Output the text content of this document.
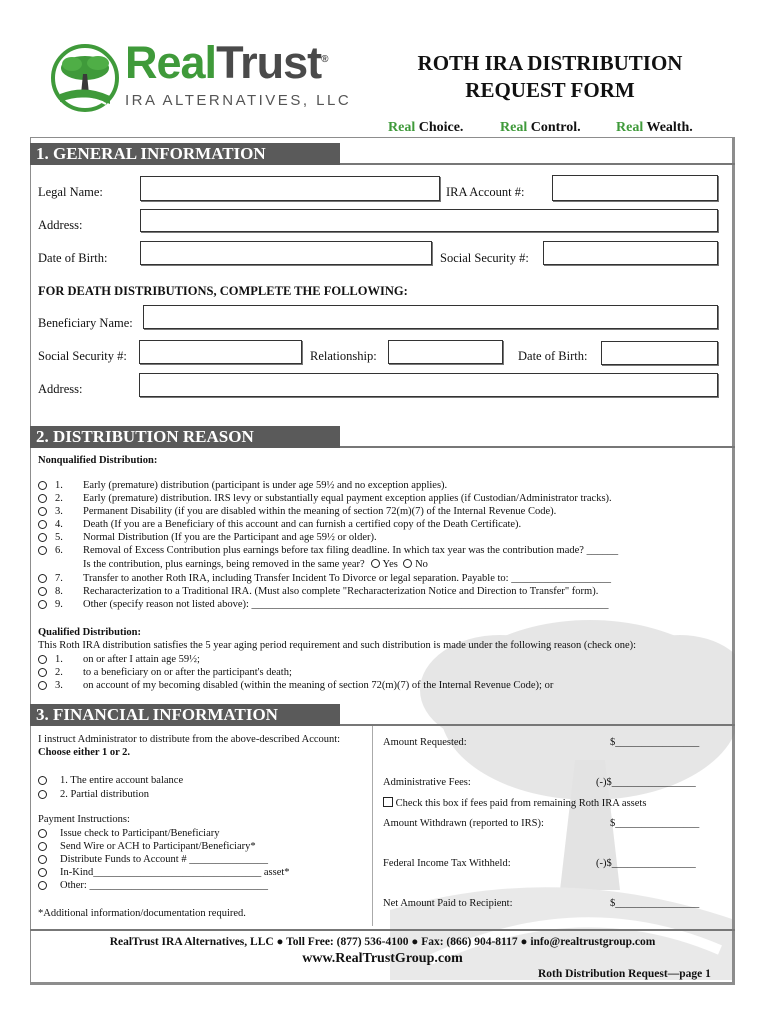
RealTrust®
IRA ALTERNATIVES, LLC
ROTH IRA DISTRIBUTION
REQUEST FORM
Real Choice.	Real Control.	Real Wealth.
1. GENERAL INFORMATION
Legal Name:	IRA Account #:
Address:
Date of Birth:	Social Security #:
FOR DEATH DISTRIBUTIONS, COMPLETE THE FOLLOWING:
Beneficiary Name:
Social Security #:	Relationship:	Date of Birth:
Address:
2. DISTRIBUTION REASON
Nonqualified Distribution:
1. Early (premature) distribution (participant is under age 59½ and no exception applies).
2. Early (premature) distribution. IRS levy or substantially equal payment exception applies (if Custodian/Administrator tracks).
3. Permanent Disability (if you are disabled within the meaning of section 72(m)(7) of the Internal Revenue Code).
4. Death (If you are a Beneficiary of this account and can furnish a certified copy of the Death Certificate).
5. Normal Distribution (If you are the Participant and age 59½ or older).
6. Removal of Excess Contribution plus earnings before tax filing deadline. In which tax year was the contribution made? ______
Is the contribution, plus earnings, being removed in the same year? Yes No
7. Transfer to another Roth IRA, including Transfer Incident To Divorce or legal separation. Payable to: ___________________
8. Recharacterization to a Traditional IRA. (Must also complete "Recharacterization Notice and Direction to Transfer" form).
9. Other (specify reason not listed above): ____________________________________________________________________
Qualified Distribution:
This Roth IRA distribution satisfies the 5 year aging period requirement and such distribution is made under the following reason (check one):
1. on or after I attain age 59½;
2. to a beneficiary on or after the participant's death;
3. on account of my becoming disabled (within the meaning of section 72(m)(7) of the Internal Revenue Code); or
3. FINANCIAL INFORMATION
I instruct Administrator to distribute from the above-described Account:
Choose either 1 or 2.
1. The entire account balance
2. Partial distribution
Payment Instructions:
Issue check to Participant/Beneficiary
Send Wire or ACH to Participant/Beneficiary*
Distribute Funds to Account # _______________
In-Kind________________________________ asset*
Other: __________________________________
*Additional information/documentation required.
Amount Requested:	$________________
Administrative Fees:	(-)$________________
Check this box if fees paid from remaining Roth IRA assets
Amount Withdrawn (reported to IRS):	$________________
Federal Income Tax Withheld:	(-)$________________
Net Amount Paid to Recipient:	$________________
RealTrust IRA Alternatives, LLC ● Toll Free: (877) 536-4100 ● Fax: (866) 904-8117 ● info@realtrustgroup.com
www.RealTrustGroup.com
Roth Distribution Request—page 1
